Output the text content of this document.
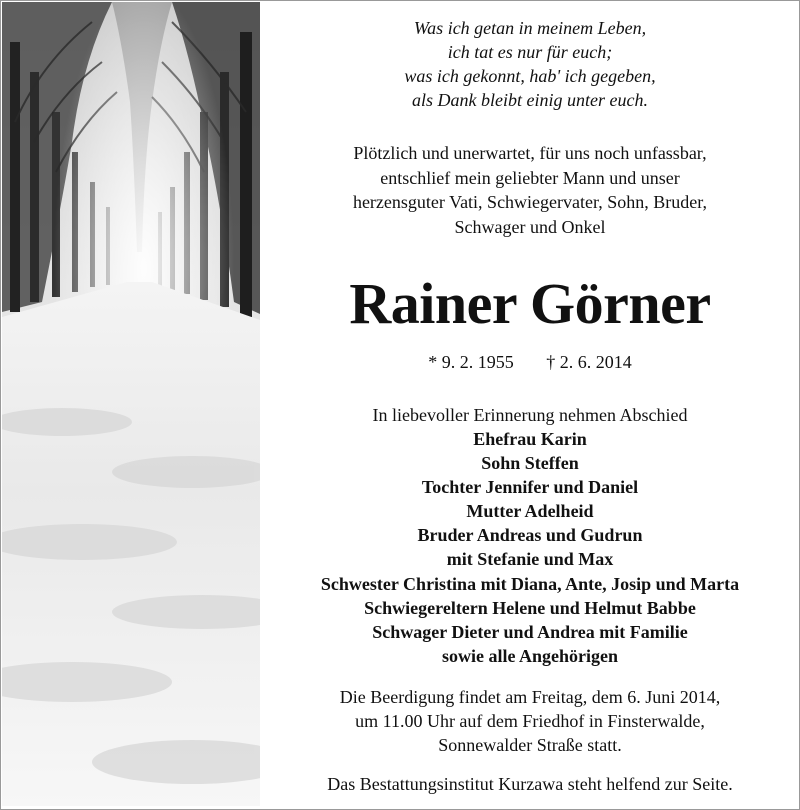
Was ich getan in meinem Leben,
ich tat es nur für euch;
was ich gekonnt, hab' ich gegeben,
als Dank bleibt einig unter euch.
Plötzlich und unerwartet, für uns noch unfassbar,
entschlief mein geliebter Mann und unser
herzensguter Vati, Schwiegervater, Sohn, Bruder,
Schwager und Onkel
Rainer Görner
* 9. 2. 1955 † 2. 6. 2014
In liebevoller Erinnerung nehmen Abschied
Ehefrau Karin
Sohn Steffen
Tochter Jennifer und Daniel
Mutter Adelheid
Bruder Andreas und Gudrun
mit Stefanie und Max
Schwester Christina mit Diana, Ante, Josip und Marta
Schwiegereltern Helene und Helmut Babbe
Schwager Dieter und Andrea mit Familie
sowie alle Angehörigen
Die Beerdigung findet am Freitag, dem 6. Juni 2014,
um 11.00 Uhr auf dem Friedhof in Finsterwalde,
Sonnewalder Straße statt.
Das Bestattungsinstitut Kurzawa steht helfend zur Seite.
